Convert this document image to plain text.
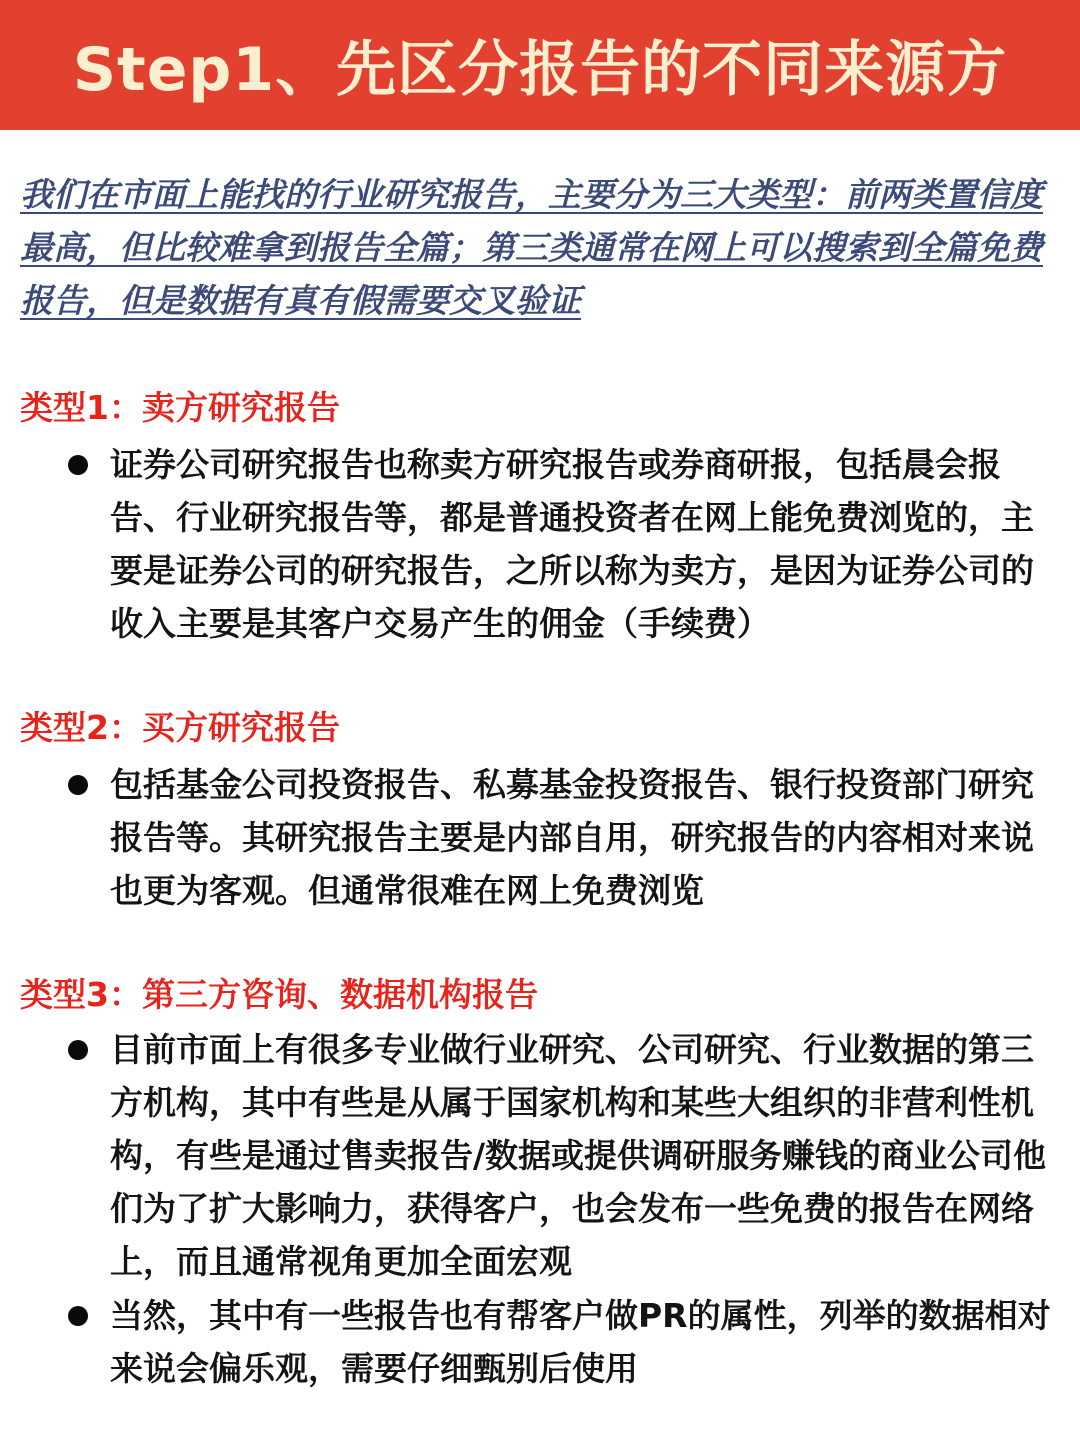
Step1、先区分报告的不同来源方
我们在市面上能找的行业研究报告，主要分为三大类型：前两类置信度最高，但比较难拿到报告全篇；第三类通常在网上可以搜索到全篇免费报告，但是数据有真有假需要交叉验证
类型1：卖方研究报告
证券公司研究报告也称卖方研究报告或券商研报，包括晨会报告、行业研究报告等，都是普通投资者在网上能免费浏览的，主要是证券公司的研究报告，之所以称为卖方，是因为证券公司的收入主要是其客户交易产生的佣金（手续费）
类型2：买方研究报告
包括基金公司投资报告、私募基金投资报告、银行投资部门研究报告等。其研究报告主要是内部自用，研究报告的内容相对来说也更为客观。但通常很难在网上免费浏览
类型3：第三方咨询、数据机构报告
目前市面上有很多专业做行业研究、公司研究、行业数据的第三方机构，其中有些是从属于国家机构和某些大组织的非营利性机构，有些是通过售卖报告/数据或提供调研服务赚钱的商业公司他们为了扩大影响力，获得客户，也会发布一些免费的报告在网络上，而且通常视角更加全面宏观
当然，其中有一些报告也有帮客户做PR的属性，列举的数据相对来说会偏乐观，需要仔细甄别后使用
